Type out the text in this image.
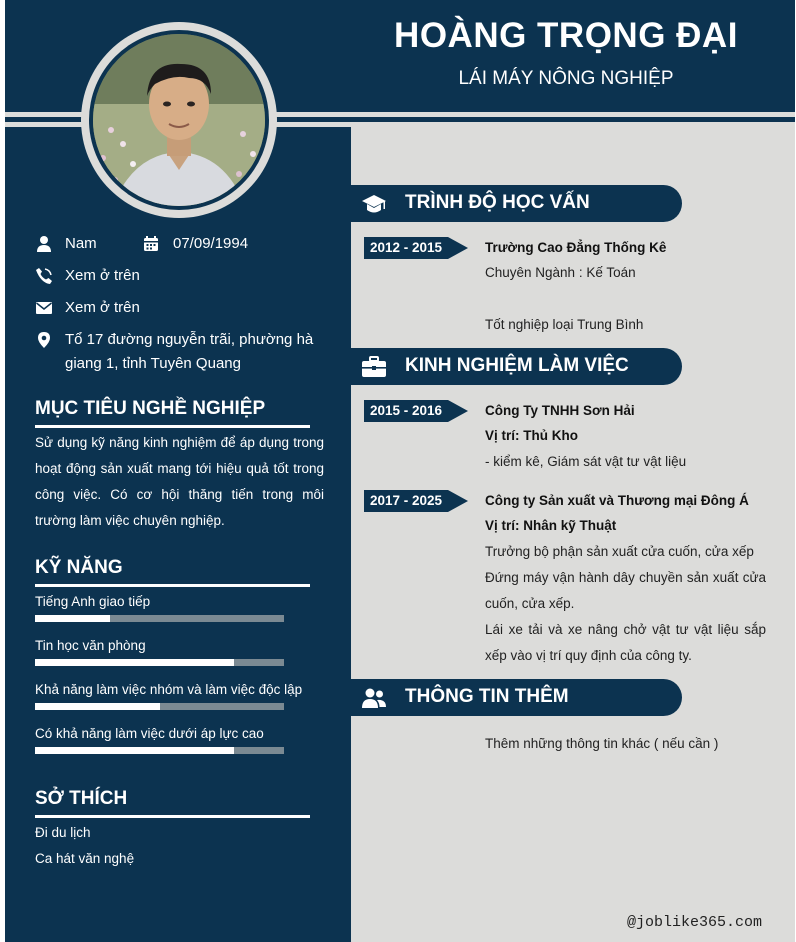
HOÀNG TRỌNG ĐẠI
LÁI MÁY NÔNG NGHIỆP
Nam	07/09/1994
Xem ở trên
Xem ở trên
Tổ 17 đường nguyễn trãi, phường hà giang 1, tỉnh Tuyên Quang
MỤC TIÊU NGHỀ NGHIỆP
Sử dụng kỹ năng kinh nghiệm để áp dụng trong hoạt động sản xuất mang tới hiệu quả tốt trong công việc. Có cơ hội thăng tiến trong môi trường làm việc chuyên nghiệp.
KỸ NĂNG
Tiếng Anh giao tiếp
Tin học văn phòng
Khả năng làm việc nhóm và làm việc độc lập
Có khả năng làm việc dưới áp lực cao
SỞ THÍCH
Đi du lịch
Ca hát văn nghệ
TRÌNH ĐỘ HỌC VẤN
2012 - 2015	Trường Cao Đẳng Thống Kê
Chuyên Ngành : Kế Toán
Tốt nghiệp loại Trung Bình
KINH NGHIỆM LÀM VIỆC
2015 - 2016	Công Ty TNHH Sơn Hải
Vị trí: Thủ Kho
- kiểm kê, Giám sát vật tư vật liệu
2017 - 2025	Công ty Sản xuất và Thương mại Đông Á
Vị trí: Nhân kỹ Thuật
Trưởng bộ phận sản xuất cửa cuốn, cửa xếp
Đứng máy vận hành dây chuyền sản xuất cửa cuốn, cửa xếp.
Lái xe tải và xe nâng chở vật tư vật liệu sắp xếp vào vị trí quy định của công ty.
THÔNG TIN THÊM
Thêm những thông tin khác ( nếu cần )
@joblike365.com
